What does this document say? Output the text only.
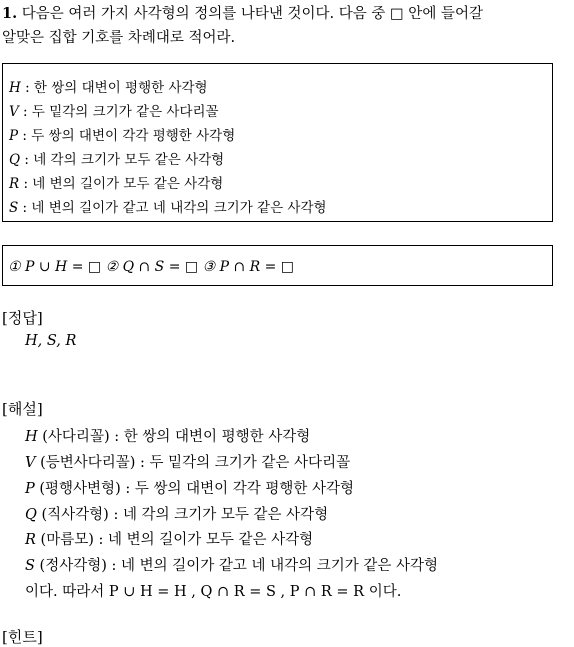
1. 다음은 여러 가지 사각형의 정의를 나타낸 것이다. 다음 중 □ 안에 들어갈
알맞은 집합 기호를 차례대로 적어라.
H : 한 쌍의 대변이 평행한 사각형
V : 두 밑각의 크기가 같은 사다리꼴
P : 두 쌍의 대변이 각각 평행한 사각형
Q : 네 각의 크기가 모두 같은 사각형
R : 네 변의 길이가 모두 같은 사각형
S : 네 변의 길이가 같고 네 내각의 크기가 같은 사각형
① P ∪ H = □ ② Q ∩ S = □ ③ P ∩ R = □
[정답]
H, S, R
[해설]
H (사다리꼴) : 한 쌍의 대변이 평행한 사각형
V (등변사다리꼴) : 두 밑각의 크기가 같은 사다리꼴
P (평행사변형) : 두 쌍의 대변이 각각 평행한 사각형
Q (직사각형) : 네 각의 크기가 모두 같은 사각형
R (마름모) : 네 변의 길이가 모두 같은 사각형
S (정사각형) : 네 변의 길이가 같고 네 내각의 크기가 같은 사각형
이다. 따라서 P ∪ H = H , Q ∩ R = S , P ∩ R = R 이다.
[힌트]
